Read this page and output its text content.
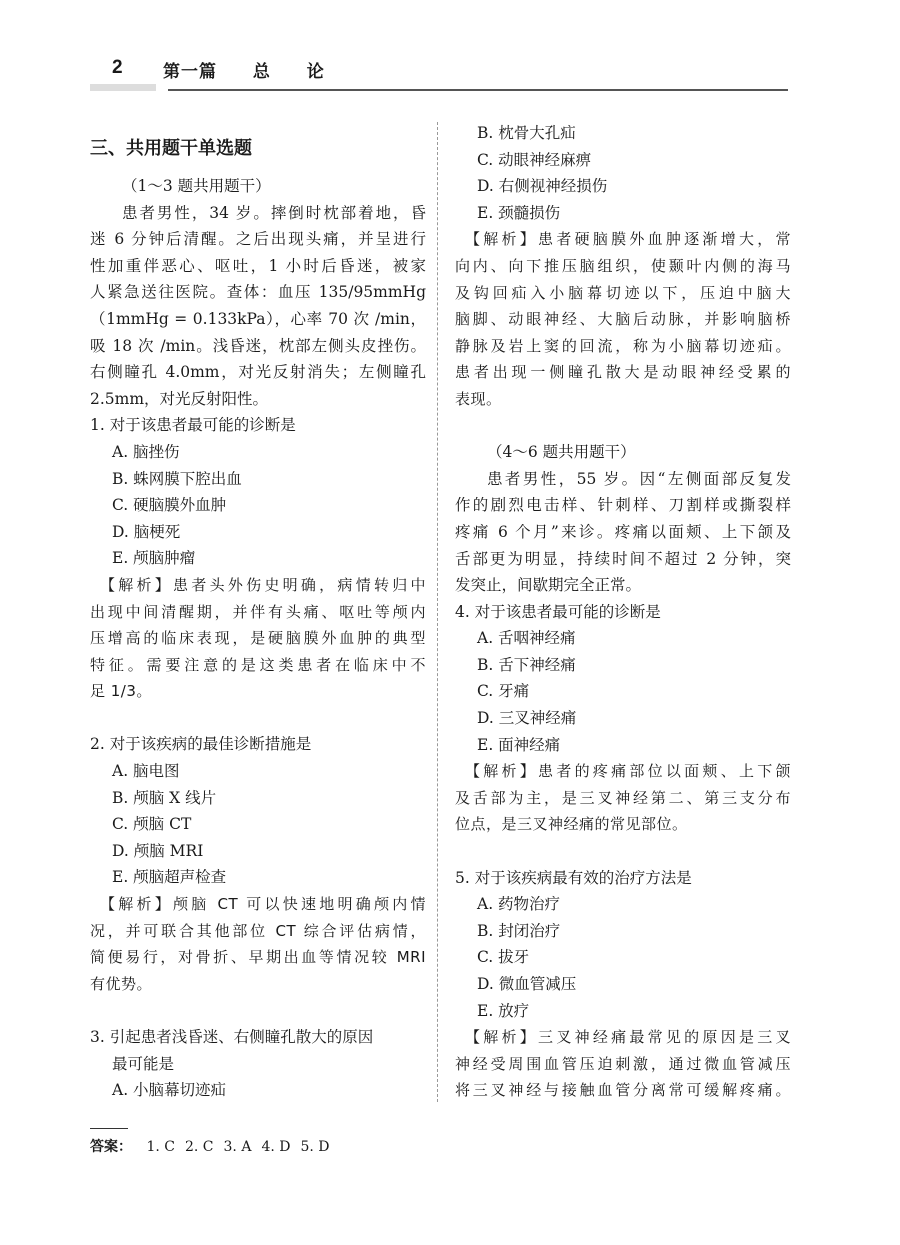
2 第一篇 总 论
三、共用题干单选题
（1～3 题共用题干）
患者男性，34 岁。摔倒时枕部着地，昏
迷 6 分钟后清醒。之后出现头痛，并呈进行
性加重伴恶心、呕吐，1 小时后昏迷，被家
人紧急送往医院。查体：血压 135/95mmHg
（1mmHg = 0.133kPa），心率 70 次 /min，
吸 18 次 /min。浅昏迷，枕部左侧头皮挫伤。
右侧瞳孔 4.0mm，对光反射消失；左侧瞳孔
2.5mm，对光反射阳性。
1. 对于该患者最可能的诊断是
A. 脑挫伤
B. 蛛网膜下腔出血
C. 硬脑膜外血肿
D. 脑梗死
E. 颅脑肿瘤
【解析】患者头外伤史明确，病情转归中
出现中间清醒期，并伴有头痛、呕吐等颅内
压增高的临床表现，是硬脑膜外血肿的典型
特征。需要注意的是这类患者在临床中不
足 1/3。
2. 对于该疾病的最佳诊断措施是
A. 脑电图
B. 颅脑 X 线片
C. 颅脑 CT
D. 颅脑 MRI
E. 颅脑超声检查
【解析】颅脑 CT 可以快速地明确颅内情
况，并可联合其他部位 CT 综合评估病情，
简便易行，对骨折、早期出血等情况较 MRI
有优势。
3. 引起患者浅昏迷、右侧瞳孔散大的原因
最可能是
A. 小脑幕切迹疝
B. 枕骨大孔疝
C. 动眼神经麻痹
D. 右侧视神经损伤
E. 颈髓损伤
【解析】患者硬脑膜外血肿逐渐增大，常
向内、向下推压脑组织，使颞叶内侧的海马
及钩回疝入小脑幕切迹以下，压迫中脑大
脑脚、动眼神经、大脑后动脉，并影响脑桥
静脉及岩上窦的回流，称为小脑幕切迹疝。
患者出现一侧瞳孔散大是动眼神经受累的
表现。
（4～6 题共用题干）
患者男性，55 岁。因“左侧面部反复发
作的剧烈电击样、针刺样、刀割样或撕裂样
疼痛 6 个月”来诊。疼痛以面颊、上下颌及
舌部更为明显，持续时间不超过 2 分钟，突
发突止，间歇期完全正常。
4. 对于该患者最可能的诊断是
A. 舌咽神经痛
B. 舌下神经痛
C. 牙痛
D. 三叉神经痛
E. 面神经痛
【解析】患者的疼痛部位以面颊、上下颌
及舌部为主，是三叉神经第二、第三支分布
位点，是三叉神经痛的常见部位。
5. 对于该疾病最有效的治疗方法是
A. 药物治疗
B. 封闭治疗
C. 拔牙
D. 微血管减压
E. 放疗
【解析】三叉神经痛最常见的原因是三叉
神经受周围血管压迫刺激，通过微血管减压
将三叉神经与接触血管分离常可缓解疼痛。
答案： 1. C 2. C 3. A 4. D 5. D
